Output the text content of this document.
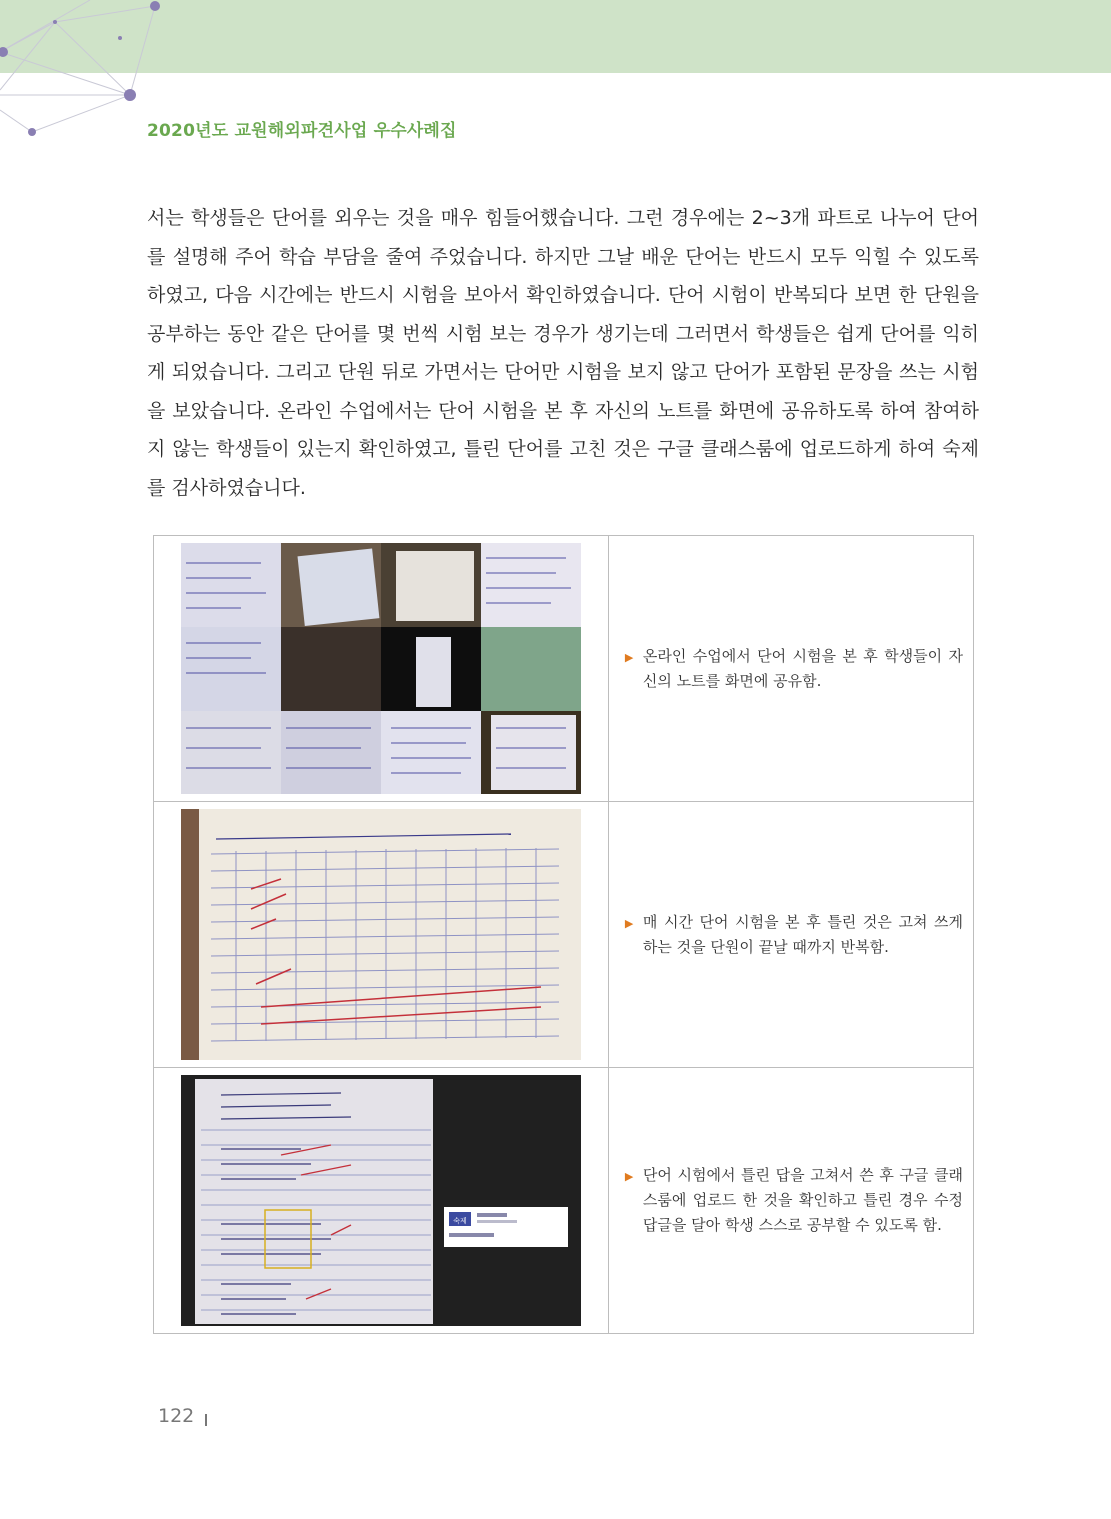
2020년도 교원해외파견사업 우수사례집
서는 학생들은 단어를 외우는 것을 매우 힘들어했습니다. 그런 경우에는 2~3개 파트로 나누어 단어를 설명해 주어 학습 부담을 줄여 주었습니다. 하지만 그날 배운 단어는 반드시 모두 익힐 수 있도록 하였고, 다음 시간에는 반드시 시험을 보아서 확인하였습니다. 단어 시험이 반복되다 보면 한 단원을 공부하는 동안 같은 단어를 몇 번씩 시험 보는 경우가 생기는데 그러면서 학생들은 쉽게 단어를 익히게 되었습니다. 그리고 단원 뒤로 가면서는 단어만 시험을 보지 않고 단어가 포함된 문장을 쓰는 시험을 보았습니다. 온라인 수업에서는 단어 시험을 본 후 자신의 노트를 화면에 공유하도록 하여 참여하지 않는 학생들이 있는지 확인하였고, 틀린 단어를 고친 것은 구글 클래스룸에 업로드하게 하여 숙제를 검사하였습니다.

▶ 온라인 수업에서 단어 시험을 본 후 학생들이 자신의 노트를 화면에 공유함.

▶ 매 시간 단어 시험을 본 후 틀린 것은 고쳐 쓰게 하는 것을 단원이 끝날 때까지 반복함.

숙제	▶ 단어 시험에서 틀린 답을 고쳐서 쓴 후 구글 클래스룸에 업로드 한 것을 확인하고 틀린 경우 수정 답글을 달아 학생 스스로 공부할 수 있도록 함.
122
